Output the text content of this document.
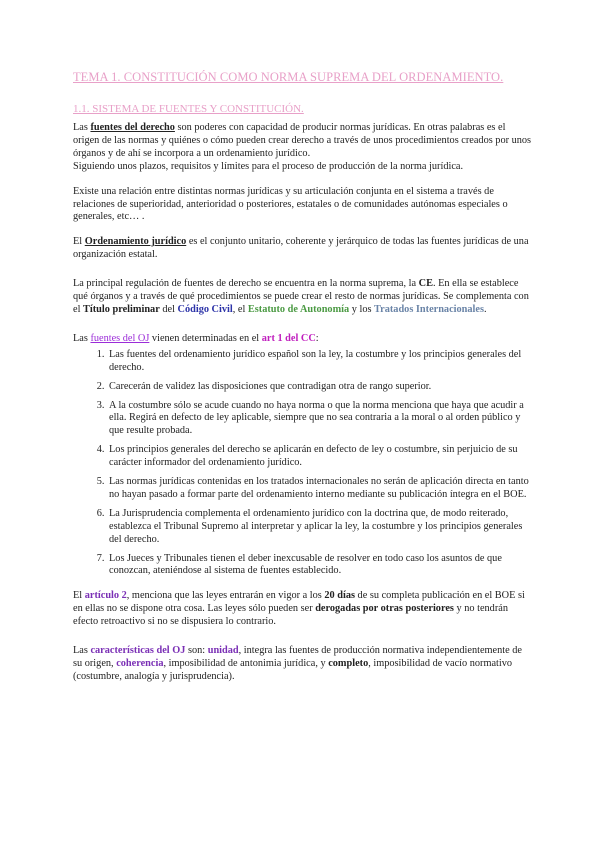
TEMA 1. CONSTITUCIÓN COMO NORMA SUPREMA DEL ORDENAMIENTO.
1.1. SISTEMA DE FUENTES Y CONSTITUCIÓN.

Las fuentes del derecho son poderes con capacidad de producir normas jurídicas. En otras palabras es el origen de las normas y quiénes o cómo pueden crear derecho a través de unos procedimientos creados por unos órganos y de ahí se incorpora a un ordenamiento jurídico.
Siguiendo unos plazos, requisitos y límites para el proceso de producción de la norma jurídica.

Existe una relación entre distintas normas jurídicas y su articulación conjunta en el sistema a través de relaciones de superioridad, anterioridad o posteriores, estatales o de comunidades autónomas especiales o generales, etc… .

El Ordenamiento jurídico es el conjunto unitario, coherente y jerárquico de todas las fuentes jurídicas de una organización estatal.

La principal regulación de fuentes de derecho se encuentra en la norma suprema, la CE. En ella se establece qué órganos y a través de qué procedimientos se puede crear el resto de normas jurídicas. Se complementa con el Título preliminar del Código Civil, el Estatuto de Autonomía y los Tratados Internacionales.

Las fuentes del OJ vienen determinadas en el art 1 del CC:

1. Las fuentes del ordenamiento jurídico español son la ley, la costumbre y los principios generales del derecho.
2. Carecerán de validez las disposiciones que contradigan otra de rango superior.
3. A la costumbre sólo se acude cuando no haya norma o que la norma menciona que haya que acudir a ella. Regirá en defecto de ley aplicable, siempre que no sea contraria a la moral o al orden público y que resulte probada.
4. Los principios generales del derecho se aplicarán en defecto de ley o costumbre, sin perjuicio de su carácter informador del ordenamiento jurídico.
5. Las normas jurídicas contenidas en los tratados internacionales no serán de aplicación directa en tanto no hayan pasado a formar parte del ordenamiento interno mediante su publicación íntegra en el BOE.
6. La Jurisprudencia complementa el ordenamiento jurídico con la doctrina que, de modo reiterado, establezca el Tribunal Supremo al interpretar y aplicar la ley, la costumbre y los principios generales del derecho.
7. Los Jueces y Tribunales tienen el deber inexcusable de resolver en todo caso los asuntos de que conozcan, ateniéndose al sistema de fuentes establecido.

El artículo 2, menciona que las leyes entrarán en vigor a los 20 días de su completa publicación en el BOE si en ellas no se dispone otra cosa. Las leyes sólo pueden ser derogadas por otras posteriores y no tendrán efecto retroactivo si no se dispusiera lo contrario.

Las características del OJ son: unidad, integra las fuentes de producción normativa independientemente de su origen, coherencia, imposibilidad de antonimia jurídica, y completo, imposibilidad de vacío normativo (costumbre, analogía y jurisprudencia).
